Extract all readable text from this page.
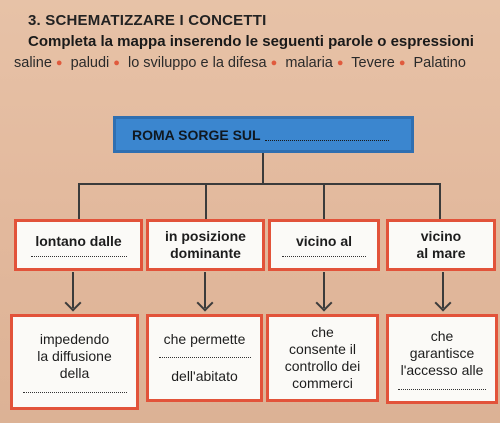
3. SCHEMATIZZARE I CONCETTI
Completa la mappa inserendo le seguenti parole o espressioni
saline ● paludi ● lo sviluppo e la difesa ● malaria ● Tevere ● Palatino
ROMA SORGE SUL
lontano dalle	in posizione
dominante
vicino al	vicino
al mare
impedendo
la diffusione
della
che permette
dell'abitato
che
consente il
controllo dei
commerci
che
garantisce
l'accesso alle
